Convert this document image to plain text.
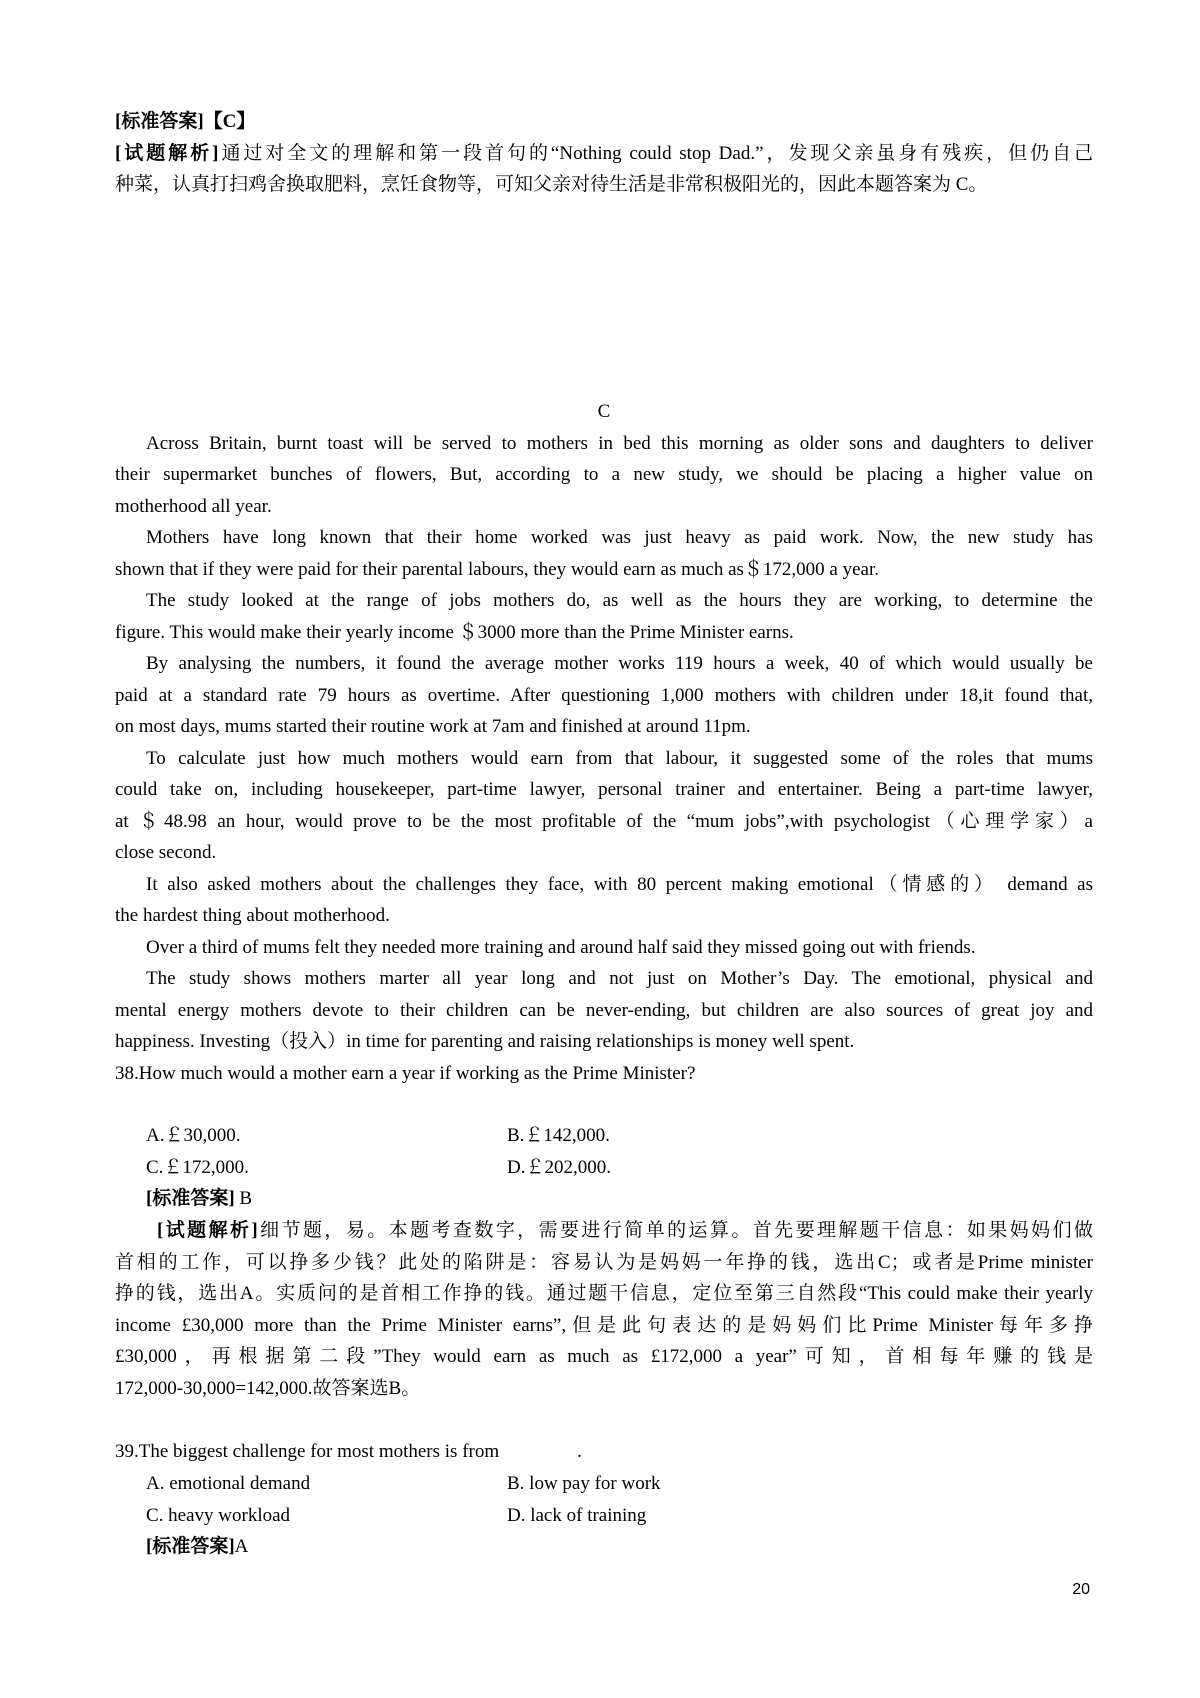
[标准答案]【C】
[试题解析]通过对全文的理解和第一段首句的“Nothing could stop Dad.”，发现父亲虽身有残疾，但仍自己
种菜，认真打扫鸡舍换取肥料，烹饪食物等，可知父亲对待生活是非常积极阳光的，因此本题答案为 C。
C
Across Britain, burnt toast will be served to mothers in bed this morning as older sons and daughters to deliver
their supermarket bunches of flowers, But, according to a new study, we should be placing a higher value on
motherhood all year.
Mothers have long known that their home worked was just heavy as paid work. Now, the new study has
shown that if they were paid for their parental labours, they would earn as much as＄172,000 a year.
The study looked at the range of jobs mothers do, as well as the hours they are working, to determine the
figure. This would make their yearly income ＄3000 more than the Prime Minister earns.
By analysing the numbers, it found the average mother works 119 hours a week, 40 of which would usually be
paid at a standard rate 79 hours as overtime. After questioning 1,000 mothers with children under 18,it found that,
on most days, mums started their routine work at 7am and finished at around 11pm.
To calculate just how much mothers would earn from that labour, it suggested some of the roles that mums
could take on, including housekeeper, part-time lawyer, personal trainer and entertainer. Being a part-time lawyer,
at ＄48.98 an hour, would prove to be the most profitable of the “mum jobs”,with psychologist（心理学家）a
close second.
It also asked mothers about the challenges they face, with 80 percent making emotional（情感的） demand as
the hardest thing about motherhood.
Over a third of mums felt they needed more training and around half said they missed going out with friends.
The study shows mothers marter all year long and not just on Mother’s Day. The emotional, physical and
mental energy mothers devote to their children can be never-ending, but children are also sources of great joy and
happiness. Investing（投入）in time for parenting and raising relationships is money well spent.
38.How much would a mother earn a year if working as the Prime Minister?
A.￡30,000.	B.￡142,000.
C.￡172,000.	D.￡202,000.
[标准答案] B
[试题解析]细节题，易。本题考查数字，需要进行简单的运算。首先要理解题干信息：如果妈妈们做
首相的工作，可以挣多少钱？此处的陷阱是：容易认为是妈妈一年挣的钱，选出C；或者是Prime minister
挣的钱，选出A。实质问的是首相工作挣的钱。通过题干信息，定位至第三自然段“This could make their yearly
income £30,000 more than the Prime Minister earns”,但是此句表达的是妈妈们比Prime Minister每年多挣
£30,000，再根据第二段”They would earn as much as £172,000 a year”可知，首相每年赚的钱是
172,000-30,000=142,000.故答案选B。
39.The biggest challenge for most mothers is from	.
A. emotional demand	B. low pay for work
C. heavy workload	D. lack of training
[标准答案]A
20
